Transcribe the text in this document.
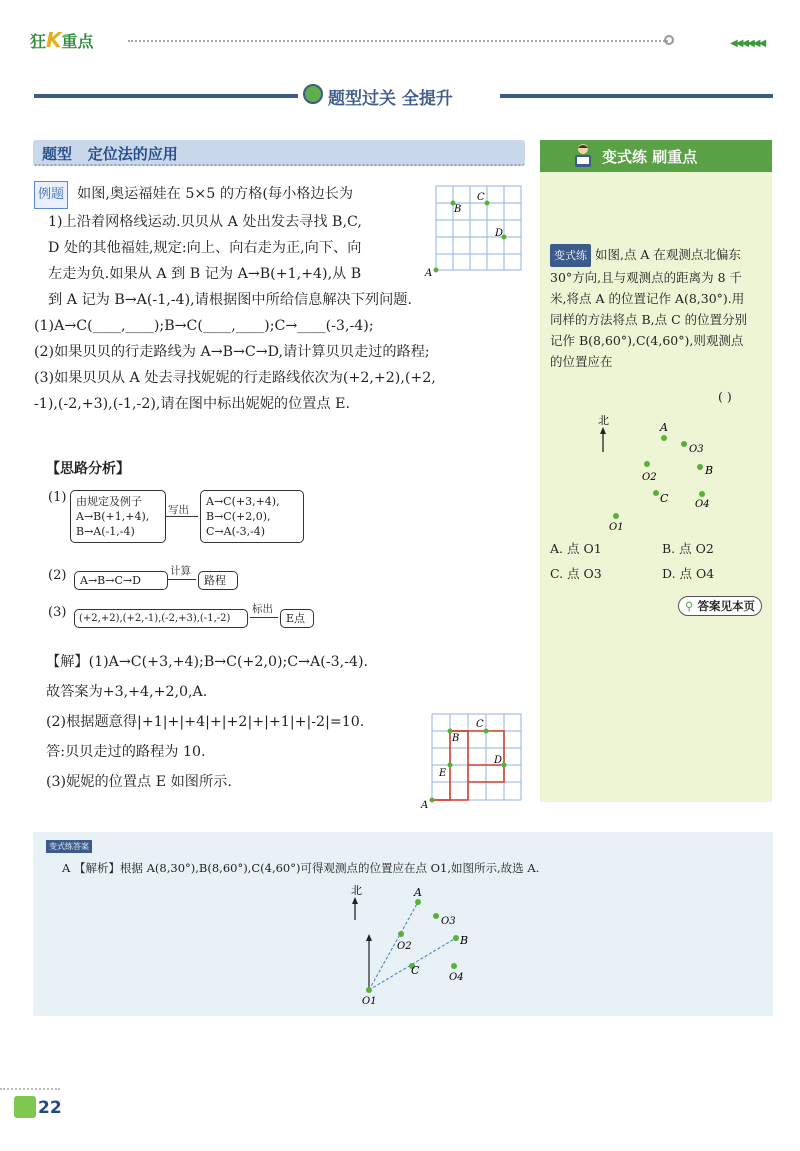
狂K重点	◀◀◀◀◀◀
题型过关 全提升
题型 定位法的应用
例题 如图,奥运福娃在 5×5 的方格(每小格边长为
1)上沿着网格线运动.贝贝从 A 处出发去寻找 B,C,
D 处的其他福娃,规定:向上、向右走为正,向下、向
左走为负.如果从 A 到 B 记为 A→B(+1,+4),从 B
到 A 记为 B→A(-1,-4),请根据图中所给信息解决下列问题.
(1)A→C(____,____);B→C(____,____);C→____(-3,-4);
(2)如果贝贝的行走路线为 A→B→C→D,请计算贝贝走过的路程;
(3)如果贝贝从 A 处去寻找妮妮的行走路线依次为(+2,+2),(+2,
-1),(-2,+3),(-1,-2),请在图中标出妮妮的位置点 E.
A
B
C
D
【思路分析】
(1) 由规定及例子
A→B(+1,+4),
B→A(-1,-4)
写出
A→C(+3,+4),
B→C(+2,0),
C→A(-3,-4)
(2)	A→B→C→D
计算
路程
(3)	(+2,+2),(+2,-1),(-2,+3),(-1,-2)
标出
E点
【解】(1)A→C(+3,+4);B→C(+2,0);C→A(-3,-4).
故答案为+3,+4,+2,0,A.
(2)根据题意得|+1|+|+4|+|+2|+|+1|+|-2|=10.
答:贝贝走过的路程为 10.
(3)妮妮的位置点 E 如图所示.
A
B
C
D
E
变式练 刷重点
变式练 如图,点 A 在观测点北偏东
30°方向,且与观测点的距离为 8 千
米,将点 A 的位置记作 A(8,30°).用
同样的方法将点 B,点 C 的位置分别
记作 B(8,60°),C(4,60°),则观测点
的位置应在
( )
北
A
O3
O2
B
C	O4
O1
A. 点 O1	B. 点 O2
C. 点 O3	D. 点 O4
⚲ 答案见本页
变式练答案
A 【解析】根据 A(8,30°),B(8,60°),C(4,60°)可得观测点的位置应在点 O1,如图所示,故选 A.
北	A
O3
O2	B
C
O4
O1
22
